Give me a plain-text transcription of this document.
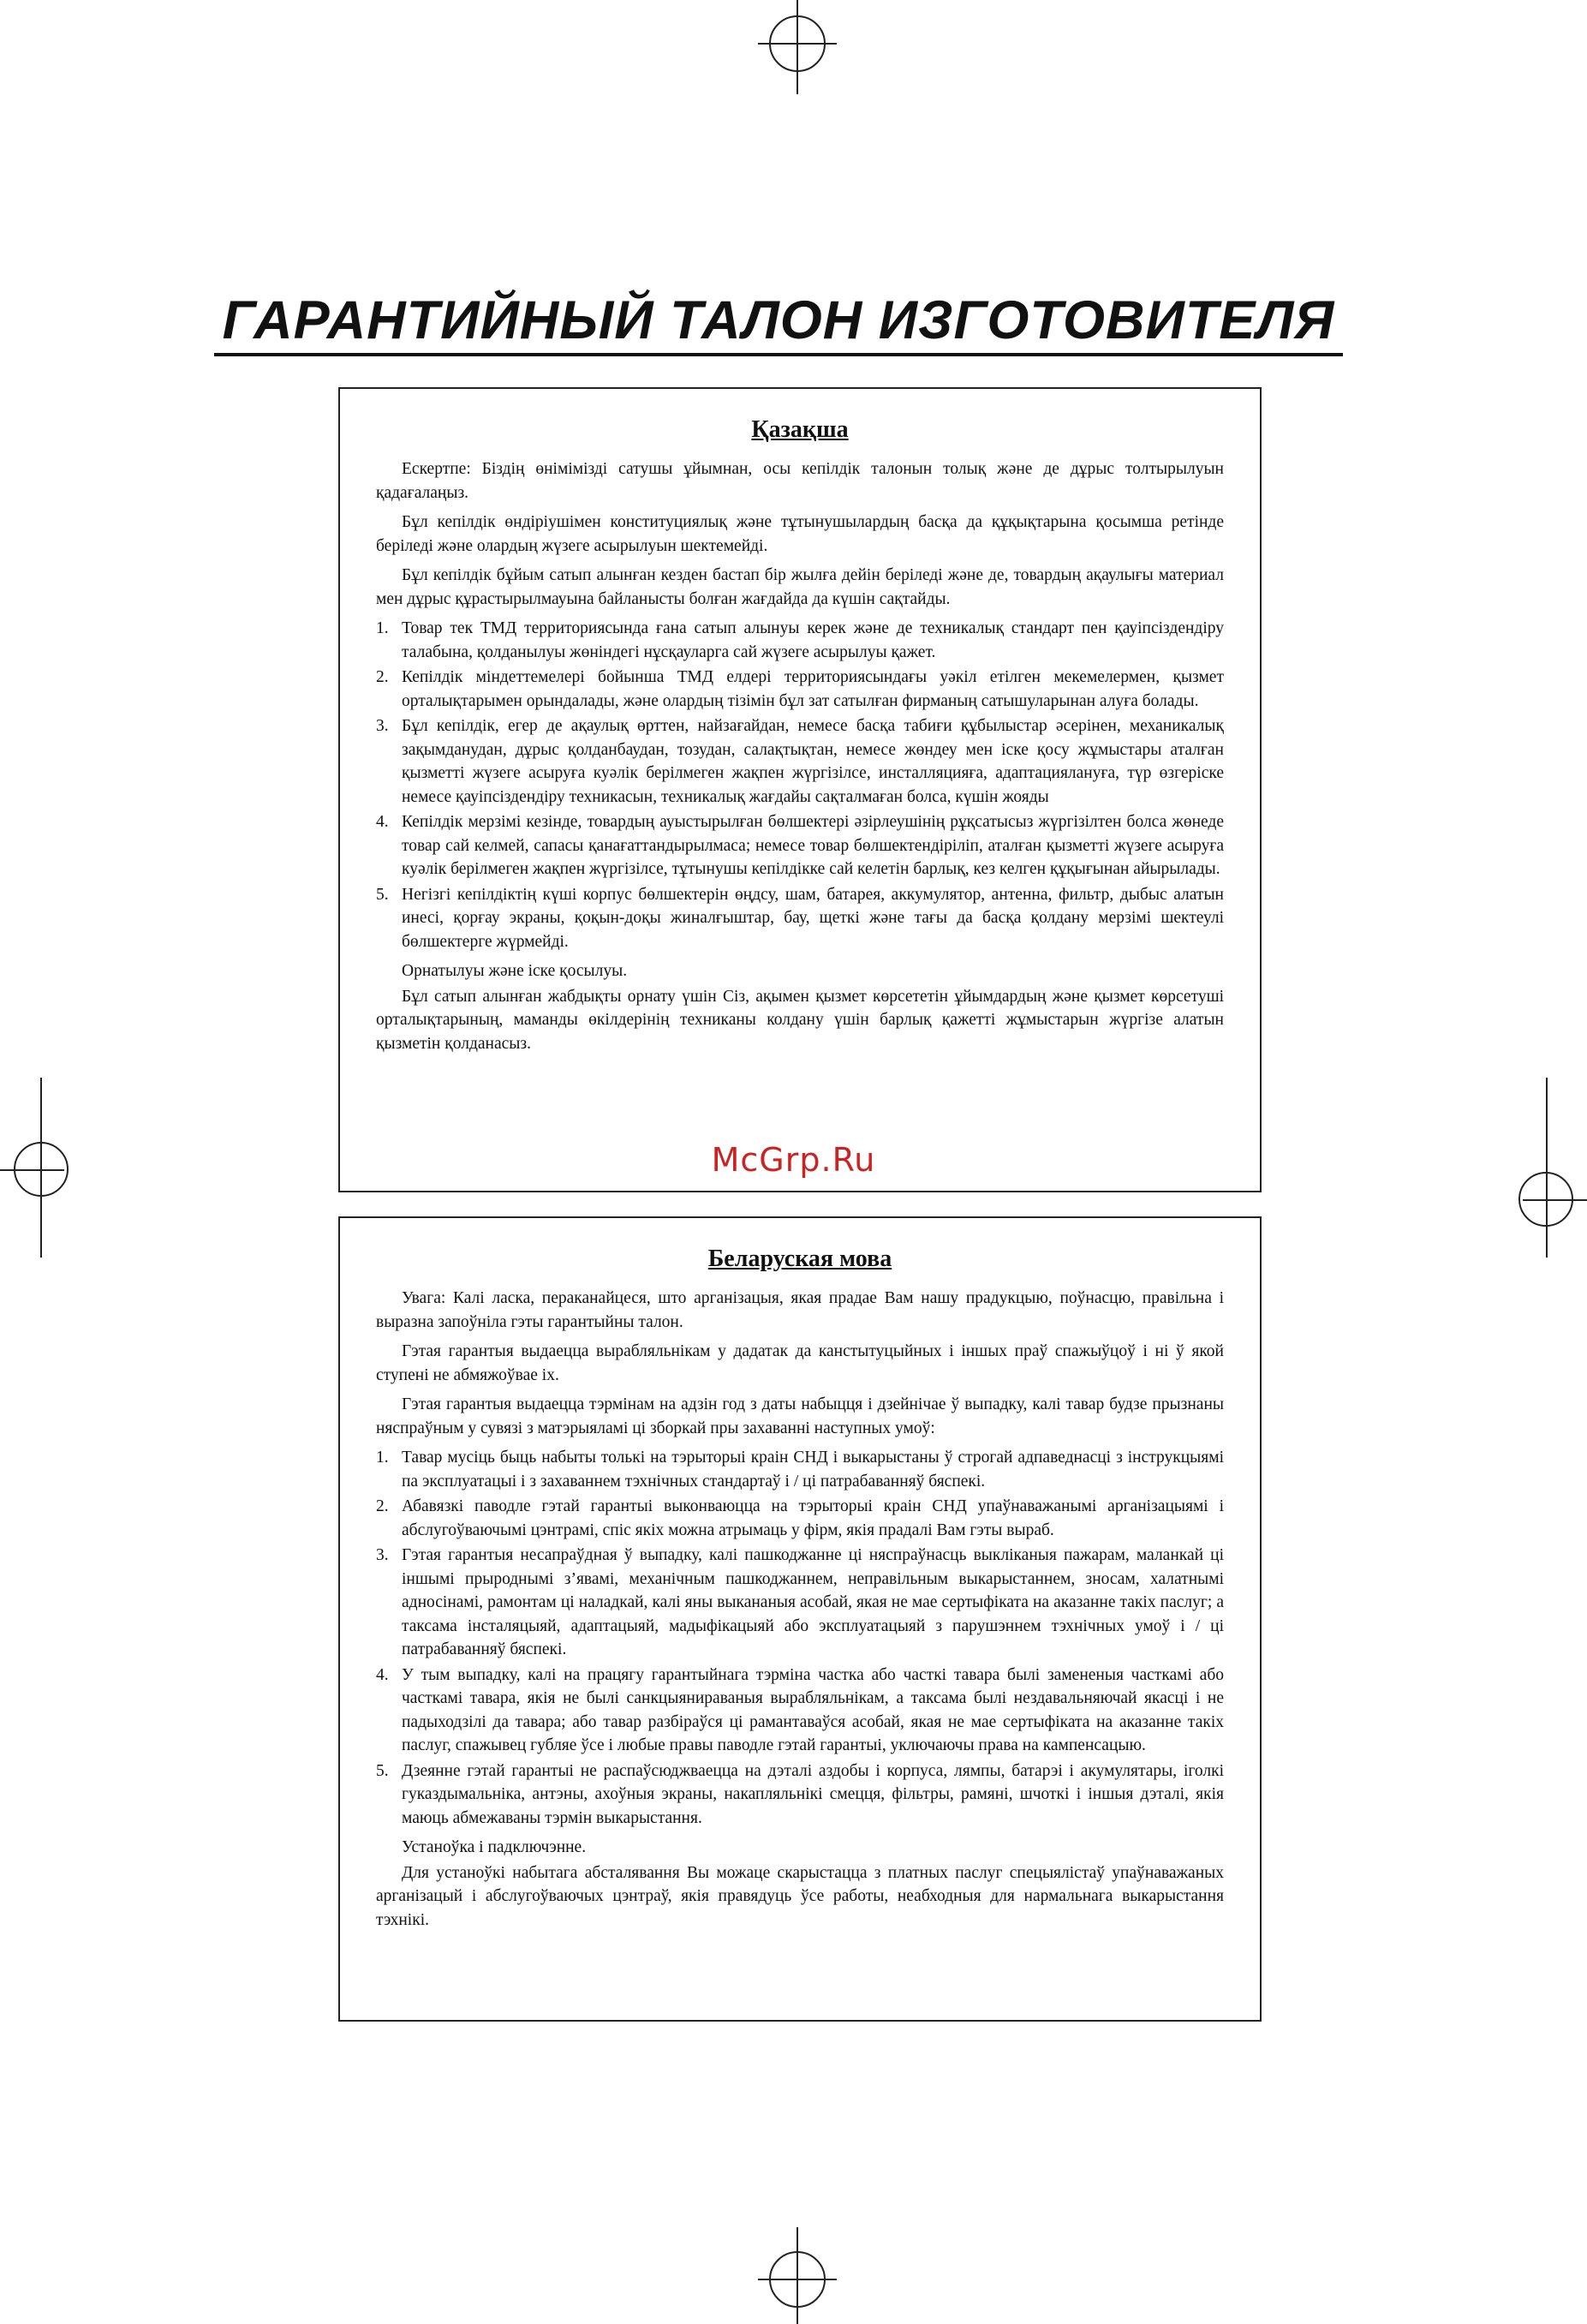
ГАРАНТИЙНЫЙ ТАЛОН ИЗГОТОВИТЕЛЯ
Қазақша

Ескертпе: Біздің өнімімізді сатушы ұйымнан, осы кепілдік талонын толық және де дұрыс толтырылуын қадағалаңыз.

Бұл кепілдік өндіріушімен конституциялық және тұтынушылардың басқа да құқықтарына қосымша ретінде беріледі және олардың жүзеге асырылуын шектемейді.

Бұл кепілдік бұйым сатып алынған кезден бастап бір жылға дейін беріледі және де, товардың ақаулығы материал мен дұрыс құрастырылмауына байланысты болған жағдайда да күшін сақтайды.

1. Товар тек ТМД территориясында ғана сатып алынуы керек және де техникалық стандарт пен қауіпсіздендіру талабына, қолданылуы жөніндегі нұсқауларга сай жүзеге асырылуы қажет.
2. Кепілдік міндеттемелері бойынша ТМД елдері территориясындағы уәкіл етілген мекемелермен, қызмет орталықтарымен орындалады, және олардың тізімін бұл зат сатылған фирманың сатышуларынан алуға болады.
3. Бұл кепілдік, егер де ақаулық өрттен, найзағайдан, немесе басқа табиғи құбылыстар әсерінен, механикалық зақымданудан, дұрыс қолданбаудан, тозудан, салақтықтан, немесе жөндеу мен іске қосу жұмыстары аталған қызметті жүзеге асыруға куәлік берілмеген жақпен жүргізілсе, инсталляцияға, адаптациялануға, түр өзгеріске немесе қауіпсіздендіру техникасын, техникалық жағдайы сақталмаған болса, күшін жояды
4. Кепілдік мерзімі кезінде, товардың ауыстырылған бөлшектері әзірлеушінің рұқсатысыз жүргізілтен болса жөнеде товар сай келмей, сапасы қанағаттандырылмаса; немесе товар бөлшектендіріліп, аталған қызметті жүзеге асыруға куәлік берілмеген жақпен жүргізілсе, тұтынушы кепілдікке сай келетін барлық, кез келген құқығынан айырылады.
5. Негізгі кепілдіктің күші корпус бөлшектерін өңдсу, шам, батарея, аккумулятор, антенна, фильтр, дыбыс алатын инесі, қорғау экраны, қоқын-доқы жиналғыштар, бау, щеткі және тағы да басқа қолдану мерзімі шектеулі бөлшектерге жүрмейді.

Орнатылуы және іске қосылуы.

Бұл сатып алынған жабдықты орнату үшін Сіз, ақымен қызмет көрсететін ұйымдардың және қызмет көрсетуші орталықтарының, маманды өкілдерінің техниканы колдану үшін барлық қажетті жұмыстарын жүргізе алатын қызметін қолданасыз.

McGrp.Ru
Беларуская мова

Увага: Калі ласка, пераканайцеся, што арганізацыя, якая прадае Вам нашу прадукцыю, поўнасцю, правільна і выразна запоўніла гэты гарантыйны талон.

Гэтая гарантыя выдаецца вырабляльнікам у дадатак да канстытуцыйных і іншых праў спажыўцоў і ні ў якой ступені не абмяжоўвае іх.

Гэтая гарантыя выдаецца тэрмінам на адзін год з даты набыцця і дзейнічае ў выпадку, калі тавар будзе прызнаны няспраўным у сувязі з матэрыяламі ці зборкай пры захаванні наступных умоў:

1. Тавар мусіць быць набыты толькі на тэрыторыі краін СНД і выкарыстаны ў строгай адпаведнасці з інструкцыямі па эксплуатацыі і з захаваннем тэхнічных стандартаў і / ці патрабаванняў бяспекі.
2. Абавязкі паводле гэтай гарантыі выконваюцца на тэрыторыі краін СНД упаўнаважанымі арганізацыямі і абслугоўваючымі цэнтрамі, спіс якіх можна атрымаць у фірм, якія прадалі Вам гэты выраб.
3. Гэтая гарантыя несапраўдная ў выпадку, калі пашкоджанне ці няспраўнасць выкліканыя пажарам, маланкай ці іншымі прыроднымі з’явамі, механічным пашкоджаннем, неправільным выкарыстаннем, зносам, халатнымі адносінамі, рамонтам ці наладкай, калі яны выкананыя асобай, якая не мае сертыфіката на аказанне такіх паслуг; а таксама інсталяцыяй, адаптацыяй, мадыфікацыяй або эксплуатацыяй з парушэннем тэхнічных умоў і / ці патрабаванняў бяспекі.
4. У тым выпадку, калі на працягу гарантыйнага тэрміна частка або часткі тавара былі замененыя часткамі або часткамі тавара, якія не былі санкцыянираваныя вырабляльнікам, а таксама былі нездавальняючай якасці і не падыходзілі да тавара; або тавар разбіраўся ці рамантаваўся асобай, якая не мае сертыфіката на аказанне такіх паслуг, спажывец губляе ўсе і любые правы паводле гэтай гарантыі, уключаючы права на кампенсацыю.
5. Дзеянне гэтай гарантыі не распаўсюджваецца на дэталі аздобы і корпуса, лямпы, батарэі і акумулятары, іголкі гуказдымальніка, антэны, ахоўныя экраны, накапляльнікі смецця, фільтры, рамяні, шчоткі і іншыя дэталі, якія маюць абмежаваны тэрмін выкарыстання.

Устаноўка і падключэнне.

Для устаноўкі набытага абсталявання Вы можаце скарыстацца з платных паслуг спецыялістаў упаўнаважаных арганізацый і абслугоўваючых цэнтраў, якія правядуць ўсе работы, неабходныя для нармальнага выкарыстання тэхнікі.
